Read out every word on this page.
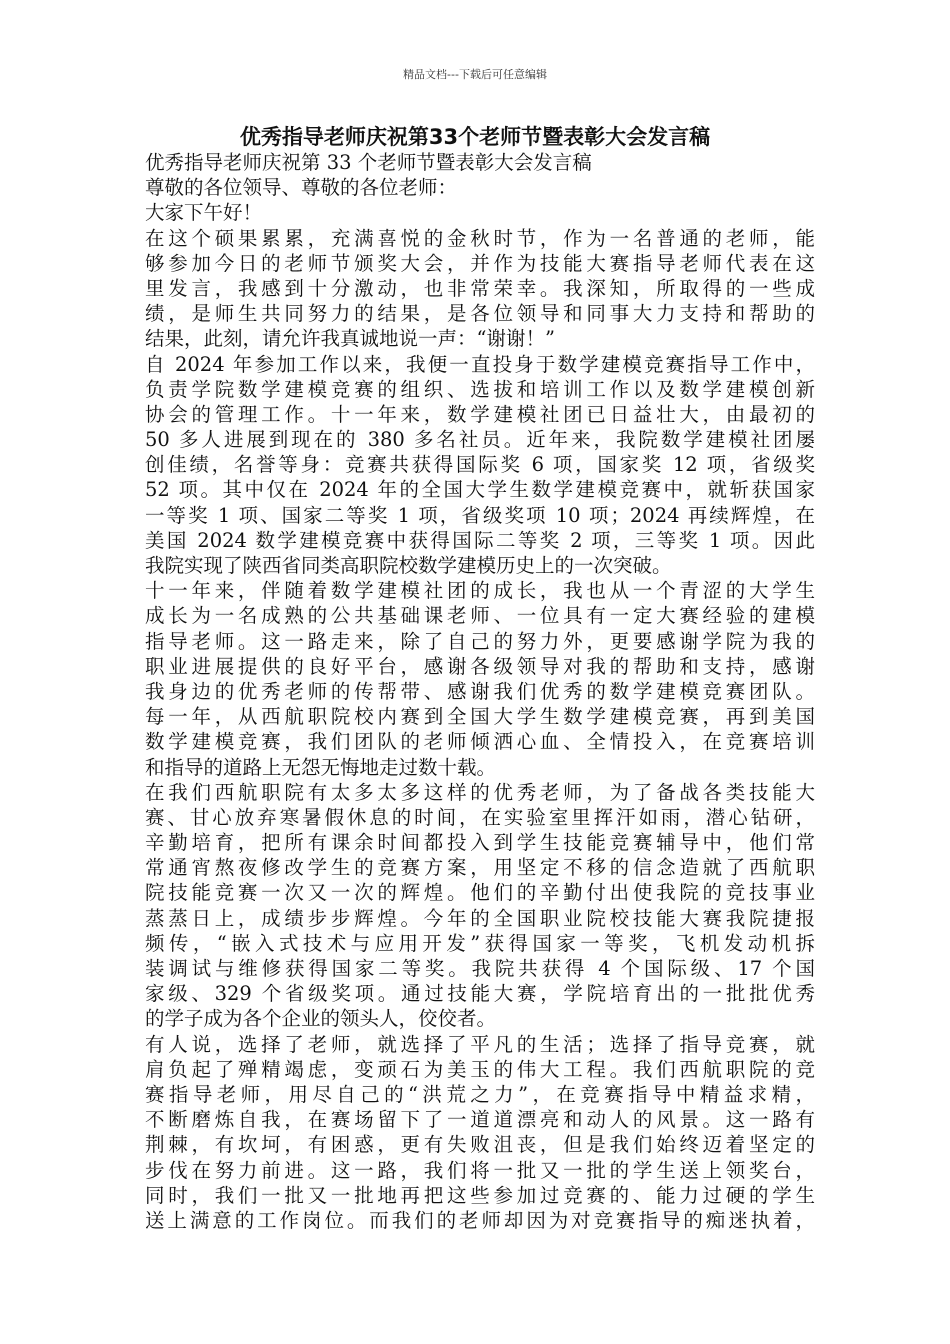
精品文档---下载后可任意编辑
优秀指导老师庆祝第33个老师节暨表彰大会发言稿
优秀指导老师庆祝第 33 个老师节暨表彰大会发言稿
尊敬的各位领导、尊敬的各位老师：
大家下午好！
在这个硕果累累，充满喜悦的金秋时节，作为一名普通的老师，能
够参加今日的老师节颁奖大会，并作为技能大赛指导老师代表在这
里发言，我感到十分激动，也非常荣幸。我深知，所取得的一些成
绩，是师生共同努力的结果，是各位领导和同事大力支持和帮助的
结果，此刻，请允许我真诚地说一声：“谢谢！”
自 2024 年参加工作以来，我便一直投身于数学建模竞赛指导工作中，
负责学院数学建模竞赛的组织、选拔和培训工作以及数学建模创新
协会的管理工作。十一年来，数学建模社团已日益壮大，由最初的
50 多人进展到现在的 380 多名社员。近年来，我院数学建模社团屡
创佳绩，名誉等身：竞赛共获得国际奖 6 项，国家奖 12 项，省级奖
52 项。其中仅在 2024 年的全国大学生数学建模竞赛中，就斩获国家
一等奖 1 项、国家二等奖 1 项，省级奖项 10 项；2024 再续辉煌，在
美国 2024 数学建模竞赛中获得国际二等奖 2 项，三等奖 1 项。因此
我院实现了陕西省同类高职院校数学建模历史上的一次突破。
十一年来，伴随着数学建模社团的成长，我也从一个青涩的大学生
成长为一名成熟的公共基础课老师、一位具有一定大赛经验的建模
指导老师。这一路走来，除了自己的努力外，更要感谢学院为我的
职业进展提供的良好平台，感谢各级领导对我的帮助和支持，感谢
我身边的优秀老师的传帮带、感谢我们优秀的数学建模竞赛团队。
每一年，从西航职院校内赛到全国大学生数学建模竞赛，再到美国
数学建模竞赛，我们团队的老师倾洒心血、全情投入，在竞赛培训
和指导的道路上无怨无悔地走过数十载。
在我们西航职院有太多太多这样的优秀老师，为了备战各类技能大
赛、甘心放弃寒暑假休息的时间，在实验室里挥汗如雨，潜心钻研，
辛勤培育，把所有课余时间都投入到学生技能竞赛辅导中，他们常
常通宵熬夜修改学生的竞赛方案，用坚定不移的信念造就了西航职
院技能竞赛一次又一次的辉煌。他们的辛勤付出使我院的竞技事业
蒸蒸日上，成绩步步辉煌。今年的全国职业院校技能大赛我院捷报
频传，“嵌入式技术与应用开发”获得国家一等奖，飞机发动机拆
装调试与维修获得国家二等奖。我院共获得 4 个国际级、17 个国
家级、329 个省级奖项。通过技能大赛，学院培育出的一批批优秀
的学子成为各个企业的领头人，佼佼者。
有人说，选择了老师，就选择了平凡的生活；选择了指导竞赛，就
肩负起了殚精竭虑，变顽石为美玉的伟大工程。我们西航职院的竞
赛指导老师，用尽自己的“洪荒之力”，在竞赛指导中精益求精，
不断磨炼自我，在赛场留下了一道道漂亮和动人的风景。这一路有
荆棘，有坎坷，有困惑，更有失败沮丧，但是我们始终迈着坚定的
步伐在努力前进。这一路，我们将一批又一批的学生送上领奖台，
同时，我们一批又一批地再把这些参加过竞赛的、能力过硬的学生
送上满意的工作岗位。而我们的老师却因为对竞赛指导的痴迷执着，
